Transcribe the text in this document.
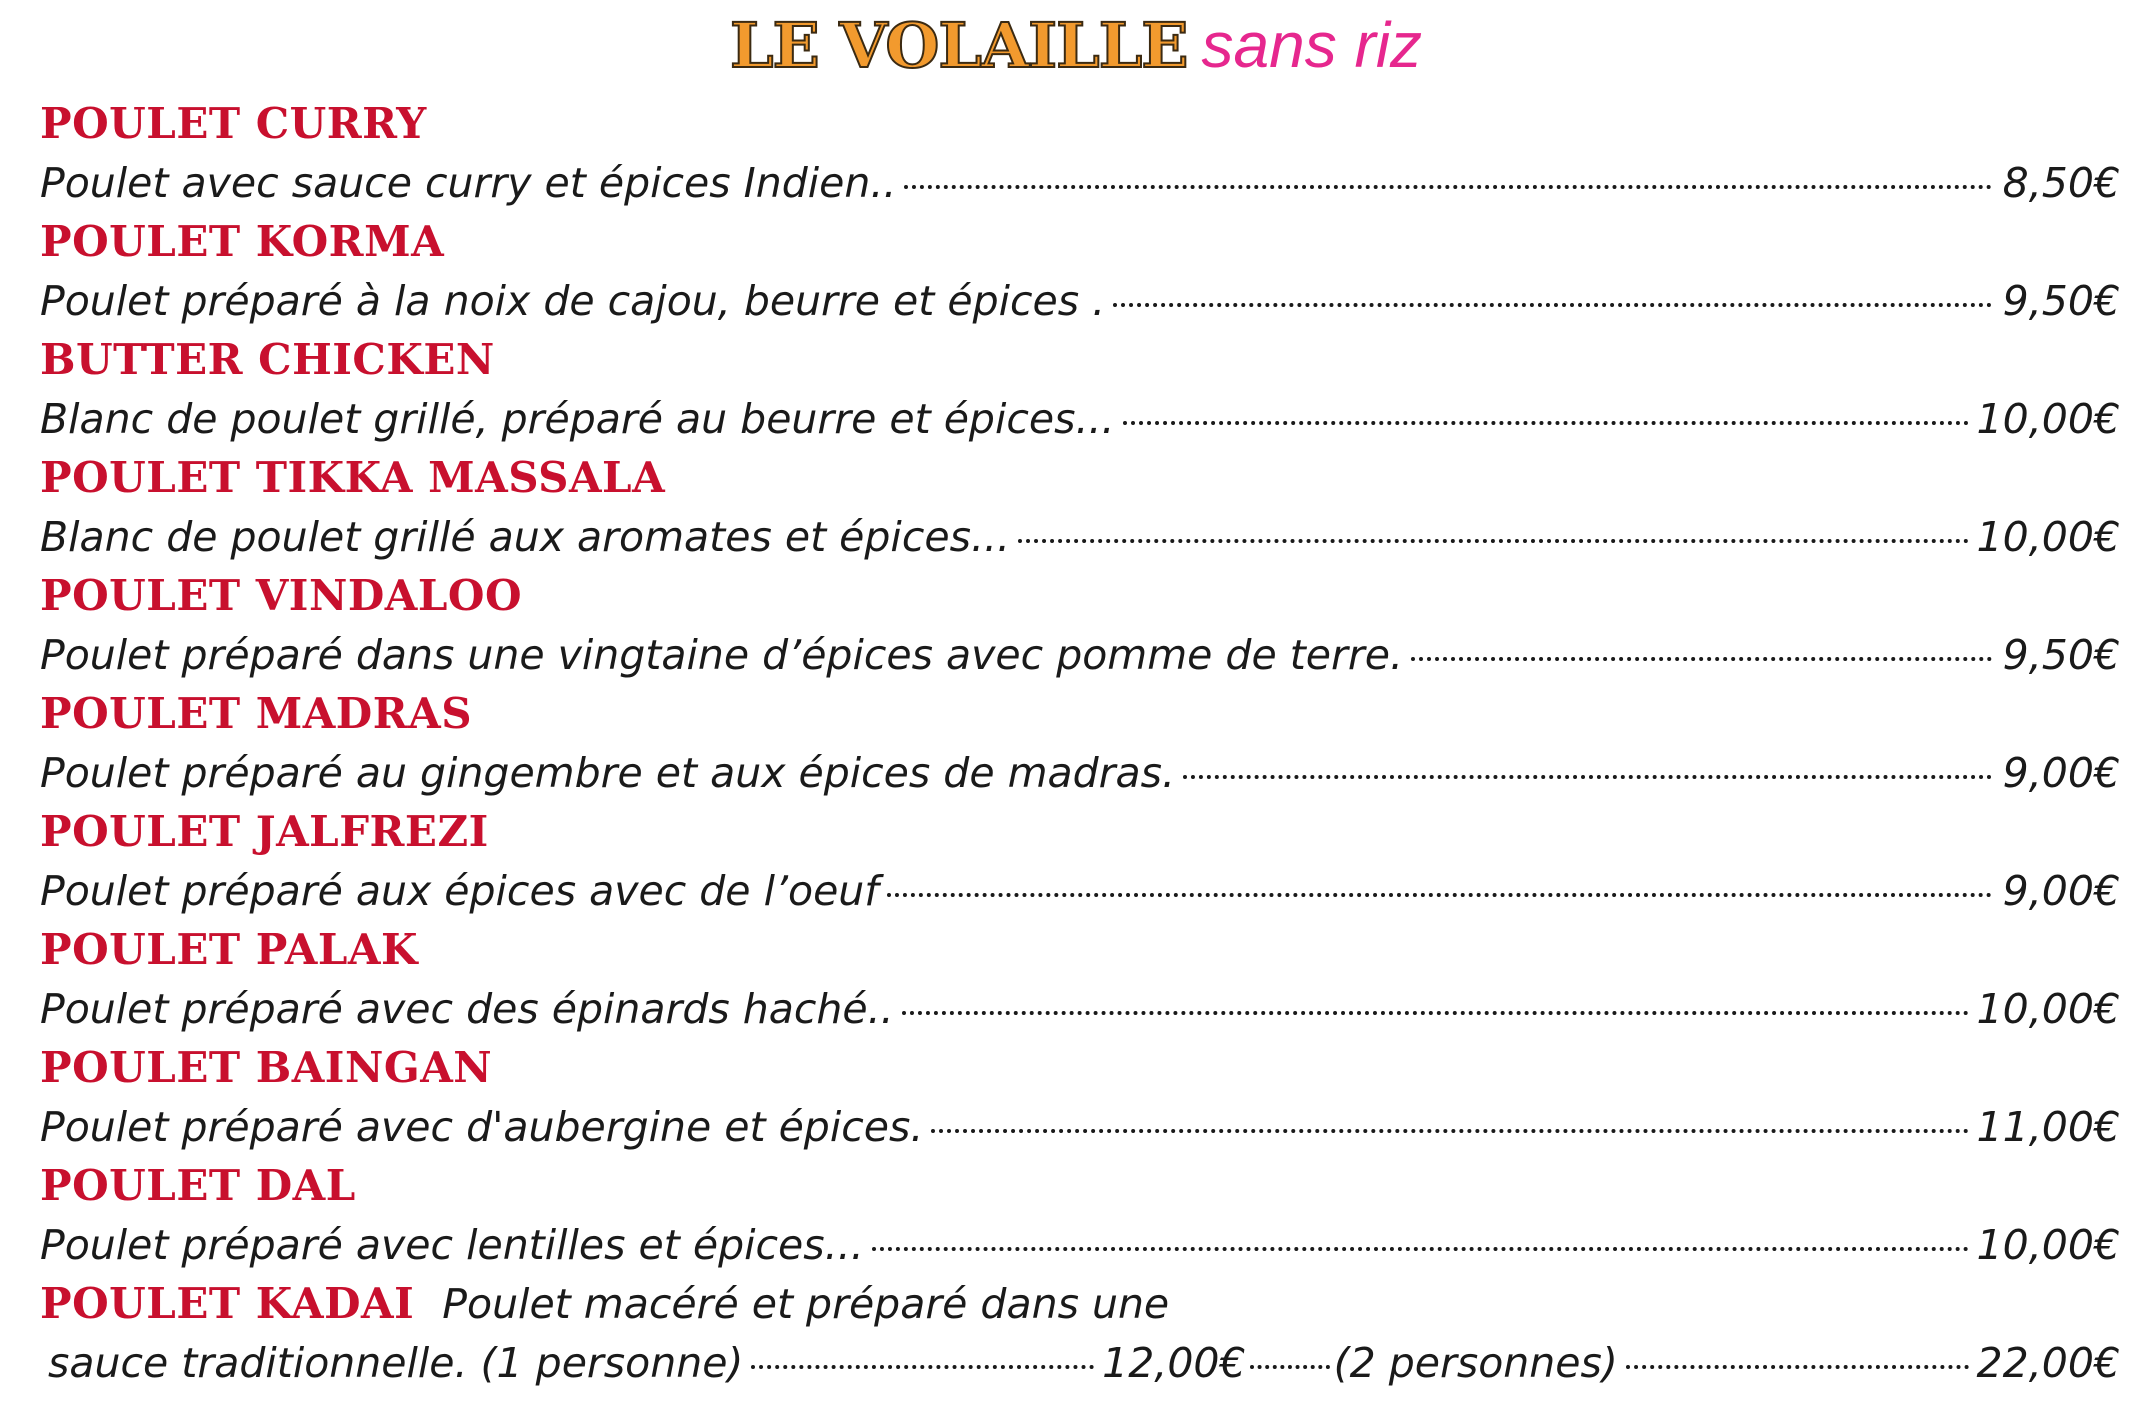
LE VOLAILLE sans riz
POULET CURRY
Poulet avec sauce curry et épices Indien..	8,50€
POULET KORMA
Poulet préparé à la noix de cajou, beurre et épices .	9,50€
BUTTER CHICKEN
Blanc de poulet grillé, préparé au beurre et épices...	10,00€
POULET TIKKA MASSALA
Blanc de poulet grillé aux aromates et épices...	10,00€
POULET VINDALOO
Poulet préparé dans une vingtaine d’épices avec pomme de terre.	9,50€
POULET MADRAS
Poulet préparé au gingembre et aux épices de madras.	9,00€
POULET JALFREZI
Poulet préparé aux épices avec de l’oeuf	9,00€
POULET PALAK
Poulet préparé avec des épinards haché..	10,00€
POULET BAINGAN
Poulet préparé avec d'aubergine et épices.	11,00€
POULET DAL
Poulet préparé avec lentilles et épices...	10,00€
POULET KADAI Poulet macéré et préparé dans une
sauce traditionnelle. (1 personne)	12,00€ (2 personnes)	22,00€
